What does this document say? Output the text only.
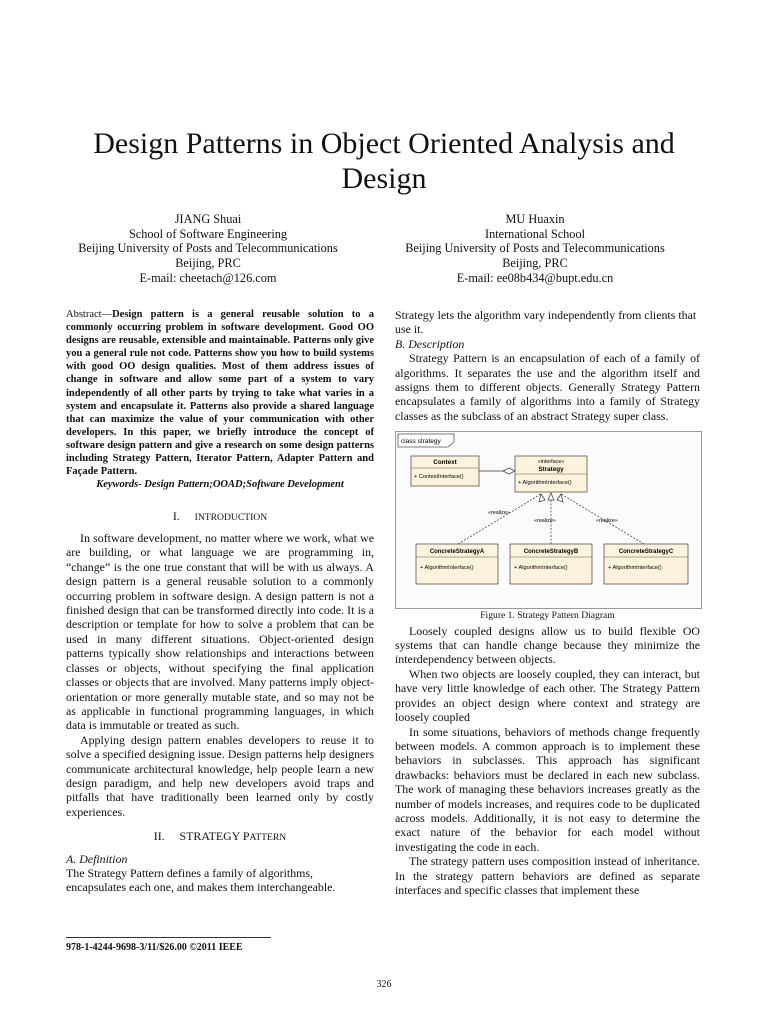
Design Patterns in Object Oriented Analysis and Design
JIANG Shuai
School of Software Engineering
Beijing University of Posts and Telecommunications
Beijing, PRC
E-mail: cheetach@126.com
MU Huaxin
International School
Beijing University of Posts and Telecommunications
Beijing, PRC
E-mail: ee08b434@bupt.edu.cn

Abstract—Design pattern is a general reusable solution to a commonly occurring problem in software development. Good OO designs are reusable, extensible and maintainable. Patterns only give you a general rule not code. Patterns show you how to build systems with good OO design qualities. Most of them address issues of change in software and allow some part of a system to vary independently of all other parts by trying to take what varies in a system and encapsulate it. Patterns also provide a shared language that can maximize the value of your communication with other developers. In this paper, we briefly introduce the concept of software design pattern and give a research on some design patterns including Strategy Pattern, Iterator Pattern, Adapter Pattern and Façade Pattern.

Keywords- Design Pattern;OOAD;Software Development

I. INTRODUCTION

In software development, no matter where we work, what we are building, or what language we are programming in, “change” is the one true constant that will be with us always. A design pattern is a general reusable solution to a commonly occurring problem in software design. A design pattern is not a finished design that can be transformed directly into code. It is a description or template for how to solve a problem that can be used in many different situations. Object-oriented design patterns typically show relationships and interactions between classes or objects, without specifying the final application classes or objects that are involved. Many patterns imply object-orientation or more generally mutable state, and so may not be as applicable in functional programming languages, in which data is immutable or treated as such.

Applying design pattern enables developers to reuse it to solve a specified designing issue. Design patterns help designers communicate architectural knowledge, help people learn a new design paradigm, and help new developers avoid traps and pitfalls that have traditionally been learned only by costly experiences.

II. STRATEGY PATTERN

A. Definition

The Strategy Pattern defines a family of algorithms, encapsulates each one, and makes them interchangeable.

Strategy lets the algorithm vary independently from clients that use it.

B. Description

Strategy Pattern is an encapsulation of each of a family of algorithms. It separates the use and the algorithm itself and assigns them to different objects. Generally Strategy Pattern encapsulates a family of algorithms into a family of Strategy classes as the subclass of an abstract Strategy super class.

class strategy
Context
+ ContextInterface()
«interface»
Strategy
+ AlgorithmInterface()
«realize»
«realize»	«realize»
ConcreteStrategyA
+ AlgorithmInterface()
ConcreteStrategyB
+ AlgorithmInterface()
ConcreteStrategyC
+ AlgorithmInterface()

Figure 1. Strategy Pattern Diagram

Loosely coupled designs allow us to build flexible OO systems that can handle change because they minimize the interdependency between objects.

When two objects are loosely coupled, they can interact, but have very little knowledge of each other. The Strategy Pattern provides an object design where context and strategy are loosely coupled

In some situations, behaviors of methods change frequently between models. A common approach is to implement these behaviors in subclasses. This approach has significant drawbacks: behaviors must be declared in each new subclass. The work of managing these behaviors increases greatly as the number of models increases, and requires code to be duplicated across models. Additionally, it is not easy to determine the exact nature of the behavior for each model without investigating the code in each.

The strategy pattern uses composition instead of inheritance. In the strategy pattern behaviors are defined as separate interfaces and specific classes that implement these

978-1-4244-9698-3/11/$26.00 ©2011 IEEE
326
